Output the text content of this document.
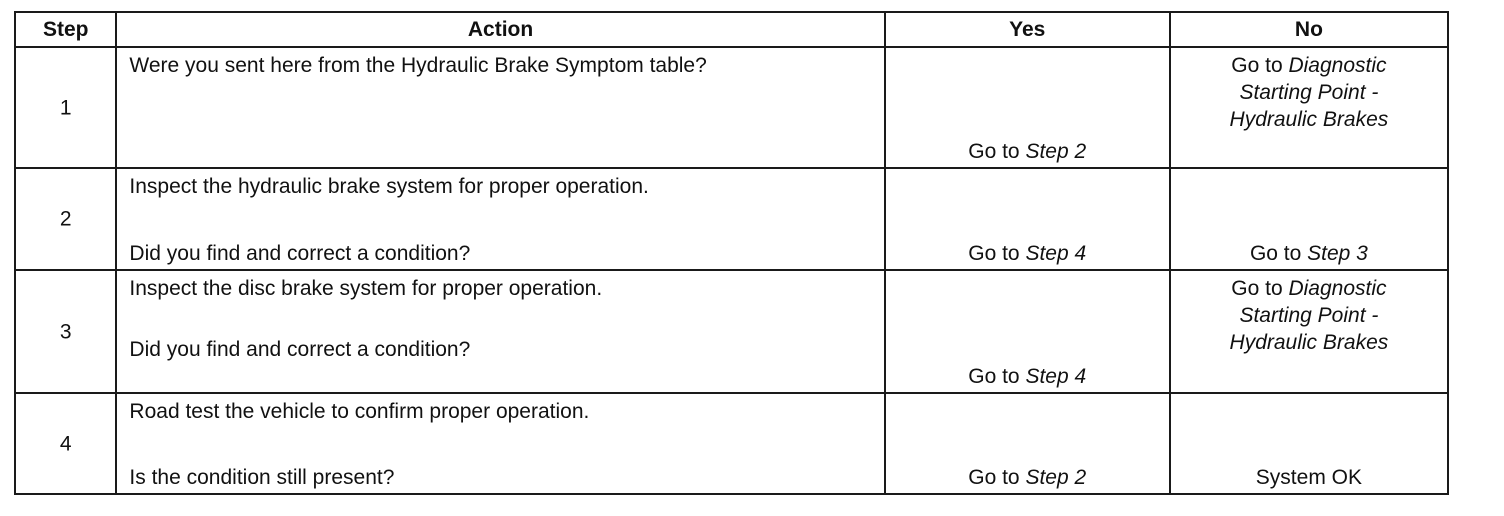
Step	Action	Yes	No

1	Were you sent here from the Hydraulic Brake Symptom table?	Go to Step 2	Go to Diagnostic
Starting Point -
Hydraulic Brakes

2	Inspect the hydraulic brake system for proper operation.
Did you find and correct a condition?	Go to Step 4	Go to Step 3

3	Inspect the disc brake system for proper operation.
Did you find and correct a condition?	Go to Step 4	Go to Diagnostic
Starting Point -
Hydraulic Brakes

4	Road test the vehicle to confirm proper operation.
Is the condition still present?	Go to Step 2	System OK
